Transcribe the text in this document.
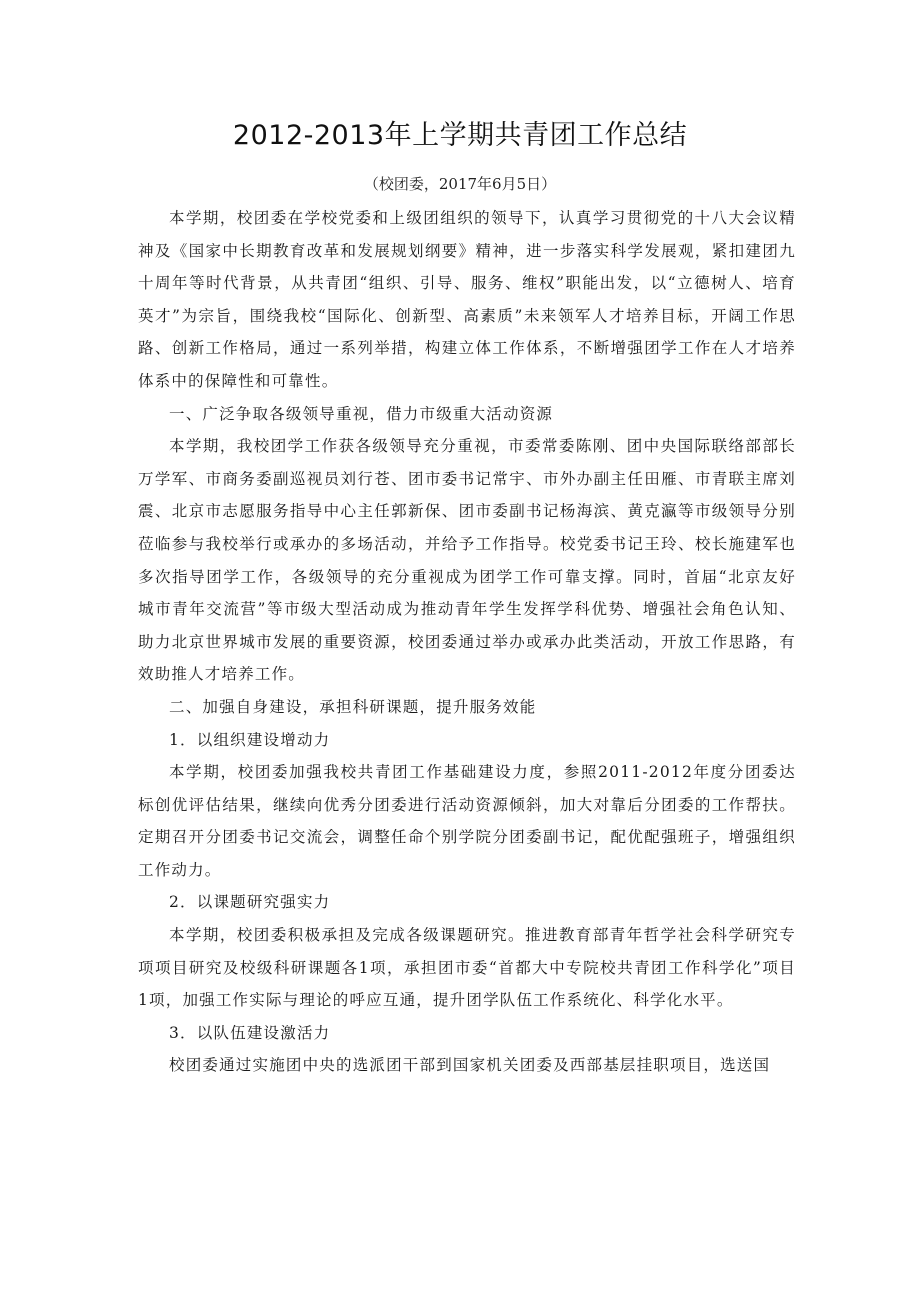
2012-2013年上学期共青团工作总结

（校团委，2017年6月5日）

本学期，校团委在学校党委和上级团组织的领导下，认真学习贯彻党的十八大会议精神及《国家中长期教育改革和发展规划纲要》精神，进一步落实科学发展观，紧扣建团九十周年等时代背景，从共青团“组织、引导、服务、维权”职能出发，以“立德树人、培育英才”为宗旨，围绕我校“国际化、创新型、高素质”未来领军人才培养目标，开阔工作思路、创新工作格局，通过一系列举措，构建立体工作体系，不断增强团学工作在人才培养体系中的保障性和可靠性。

一、广泛争取各级领导重视，借力市级重大活动资源

本学期，我校团学工作获各级领导充分重视，市委常委陈刚、团中央国际联络部部长万学军、市商务委副巡视员刘行苍、团市委书记常宇、市外办副主任田雁、市青联主席刘震、北京市志愿服务指导中心主任郭新保、团市委副书记杨海滨、黄克瀛等市级领导分别莅临参与我校举行或承办的多场活动，并给予工作指导。校党委书记王玲、校长施建军也多次指导团学工作，各级领导的充分重视成为团学工作可靠支撑。同时，首届“北京友好城市青年交流营”等市级大型活动成为推动青年学生发挥学科优势、增强社会角色认知、助力北京世界城市发展的重要资源，校团委通过举办或承办此类活动，开放工作思路，有效助推人才培养工作。

二、加强自身建设，承担科研课题，提升服务效能

1．以组织建设增动力

本学期，校团委加强我校共青团工作基础建设力度，参照2011-2012年度分团委达标创优评估结果，继续向优秀分团委进行活动资源倾斜，加大对靠后分团委的工作帮扶。定期召开分团委书记交流会，调整任命个别学院分团委副书记，配优配强班子，增强组织工作动力。

2．以课题研究强实力

本学期，校团委积极承担及完成各级课题研究。推进教育部青年哲学社会科学研究专项项目研究及校级科研课题各1项，承担团市委“首都大中专院校共青团工作科学化”项目1项，加强工作实际与理论的呼应互通，提升团学队伍工作系统化、科学化水平。

3．以队伍建设激活力

校团委通过实施团中央的选派团干部到国家机关团委及西部基层挂职项目，选送国
